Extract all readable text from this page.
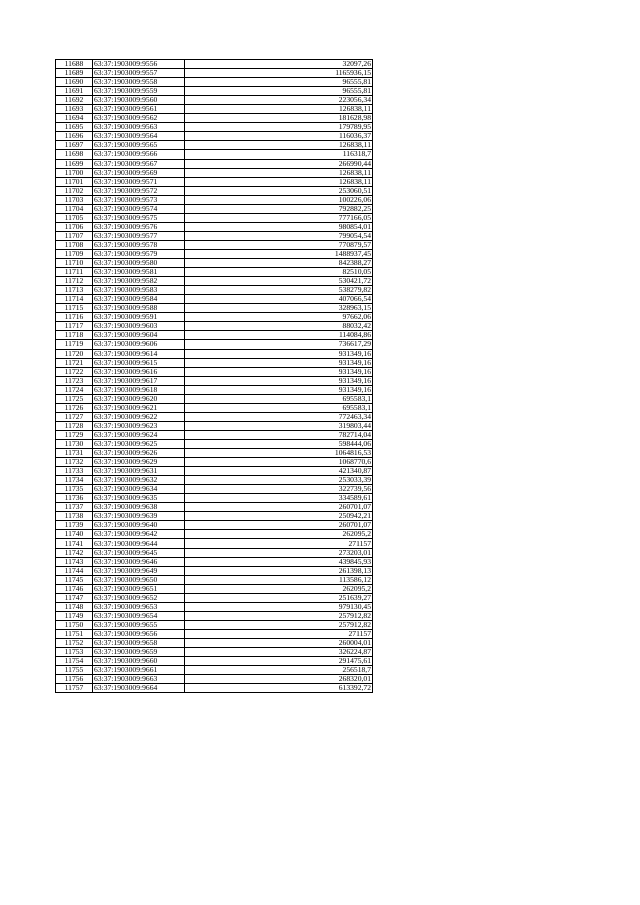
11688	63:37:1903009:9556	32097,26
11689	63:37:1903009:9557	1165936,15
11690	63:37:1903009:9558	96555,81
11691	63:37:1903009:9559	96555,81
11692	63:37:1903009:9560	223056,34
11693	63:37:1903009:9561	126838,11
11694	63:37:1903009:9562	181628,98
11695	63:37:1903009:9563	179789,95
11696	63:37:1903009:9564	116036,37
11697	63:37:1903009:9565	126838,11
11698	63:37:1903009:9566	116318,7
11699	63:37:1903009:9567	266990,44
11700	63:37:1903009:9569	126838,11
11701	63:37:1903009:9571	126838,11
11702	63:37:1903009:9572	253060,51
11703	63:37:1903009:9573	100226,06
11704	63:37:1903009:9574	792882,25
11705	63:37:1903009:9575	777166,05
11706	63:37:1903009:9576	980854,01
11707	63:37:1903009:9577	799054,54
11708	63:37:1903009:9578	770879,57
11709	63:37:1903009:9579	1488937,45
11710	63:37:1903009:9580	842388,27
11711	63:37:1903009:9581	82510,05
11712	63:37:1903009:9582	530421,72
11713	63:37:1903009:9583	538279,82
11714	63:37:1903009:9584	407066,54
11715	63:37:1903009:9588	328963,15
11716	63:37:1903009:9591	97662,06
11717	63:37:1903009:9603	88032,42
11718	63:37:1903009:9604	114084,86
11719	63:37:1903009:9606	736617,29
11720	63:37:1903009:9614	931349,16
11721	63:37:1903009:9615	931349,16
11722	63:37:1903009:9616	931349,16
11723	63:37:1903009:9617	931349,16
11724	63:37:1903009:9618	931349,16
11725	63:37:1903009:9620	695583,1
11726	63:37:1903009:9621	695583,1
11727	63:37:1903009:9622	772463,34
11728	63:37:1903009:9623	319803,44
11729	63:37:1903009:9624	782714,04
11730	63:37:1903009:9625	598444,06
11731	63:37:1903009:9626	1064816,53
11732	63:37:1903009:9629	1068770,6
11733	63:37:1903009:9631	421340,87
11734	63:37:1903009:9632	253033,39
11735	63:37:1903009:9634	322739,56
11736	63:37:1903009:9635	334589,61
11737	63:37:1903009:9638	260701,07
11738	63:37:1903009:9639	250942,21
11739	63:37:1903009:9640	260701,07
11740	63:37:1903009:9642	262095,2
11741	63:37:1903009:9644	271157
11742	63:37:1903009:9645	273203,01
11743	63:37:1903009:9646	439845,93
11744	63:37:1903009:9649	261398,13
11745	63:37:1903009:9650	113586,12
11746	63:37:1903009:9651	262095,2
11747	63:37:1903009:9652	251639,27
11748	63:37:1903009:9653	979130,45
11749	63:37:1903009:9654	257912,82
11750	63:37:1903009:9655	257912,82
11751	63:37:1903009:9656	271157
11752	63:37:1903009:9658	260004,01
11753	63:37:1903009:9659	326224,87
11754	63:37:1903009:9660	291475,61
11755	63:37:1903009:9661	256518,7
11756	63:37:1903009:9663	268320,01
11757	63:37:1903009:9664	613392,72
